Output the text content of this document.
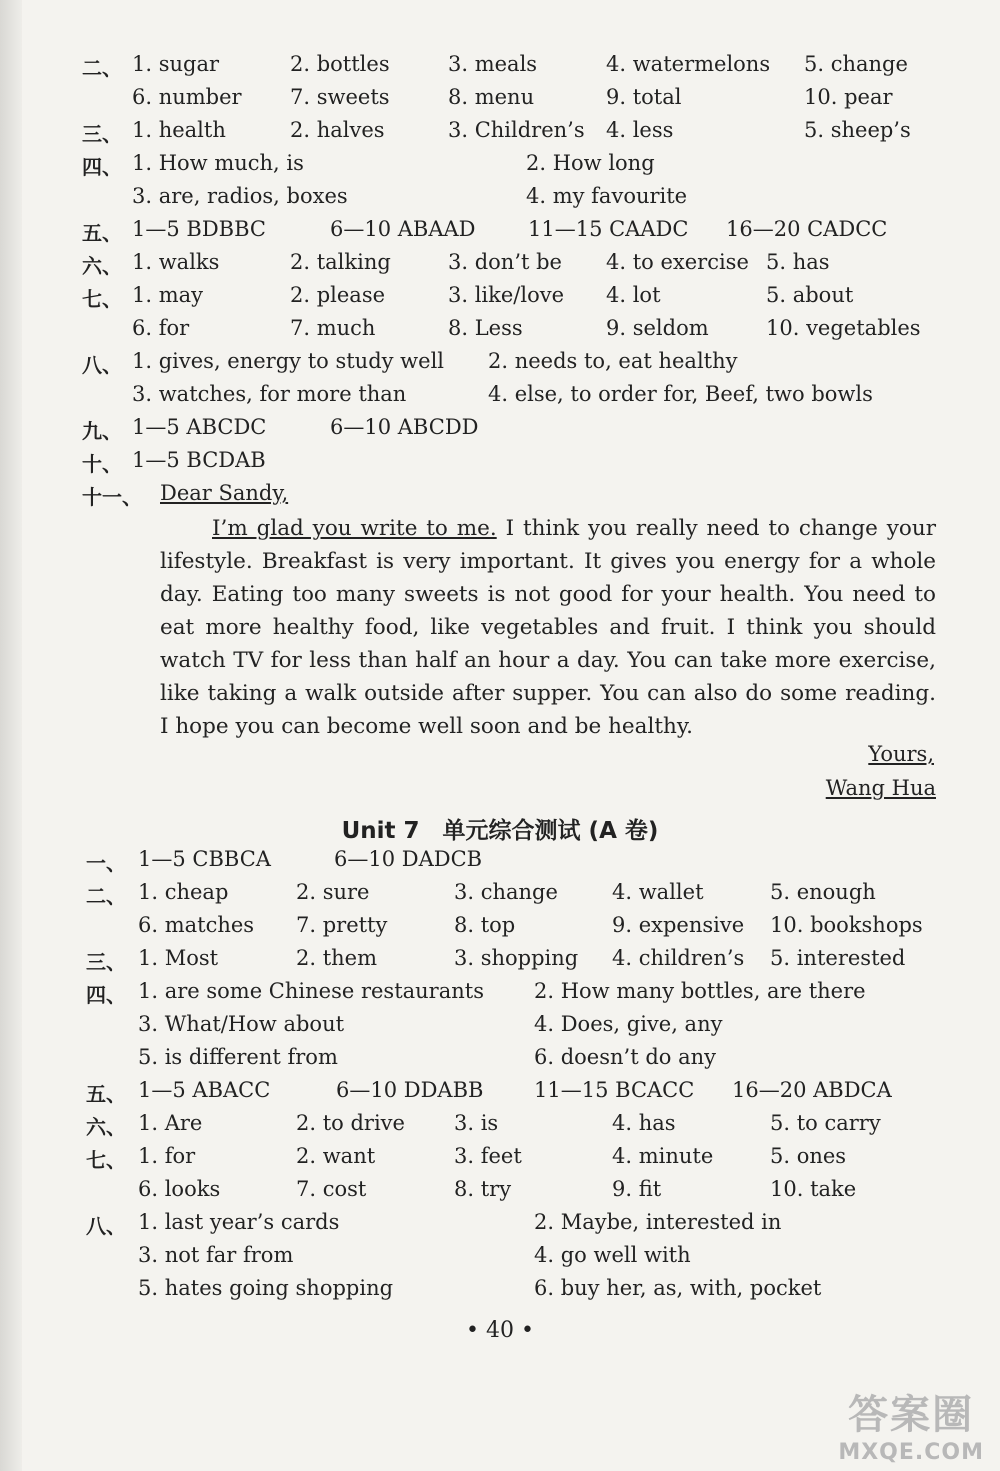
二、 1. sugar	2. bottles	3. meals	4. watermelons 5. change
6. number 7. sweets	8. menu	9. total	10. pear
三、 1. health	2. halves	3. Children’s 4. less	5. sheep’s
四、 1. How much, is	2. How long
3. are, radios, boxes	4. my favourite
五、 1—5 BDBBC	6—10 ABAAD 11—15 CAADC 16—20 CADCC
六、 1. walks	2. talking	3. don’t be 4. to exercise 5. has
七、 1. may	2. please	3. like/love 4. lot	5. about
6. for	7. much	8. Less	9. seldom	10. vegetables
八、 1. gives, energy to study well 2. needs to, eat healthy
3. watches, for more than	4. else, to order for, Beef, two bowls
九、 1—5 ABCDC	6—10 ABCDD
十、 1—5 BCDAB
十一、 Dear Sandy,

I’m glad you write to me. I think you really need to change your lifestyle. Breakfast is very important. It gives you energy for a whole day. Eating too many sweets is not good for your health. You need to eat more healthy food, like vegetables and fruit. I think you should watch TV for less than half an hour a day. You can take more exercise, like taking a walk outside after supper. You can also do some reading. I hope you can become well soon and be healthy.

Yours,
Wang Hua
Unit 7　单元综合测试 (A 卷)
一、 1—5 CBBCA	6—10 DADCB
二、 1. cheap	2. sure	3. change	4. wallet	5. enough
6. matches 7. pretty	8. top	9. expensive 10. bookshops
三、 1. Most	2. them	3. shopping 4. children’s 5. interested
四、 1. are some Chinese restaurants 2. How many bottles, are there
3. What/How about	4. Does, give, any
5. is different from	6. doesn’t do any
五、 1—5 ABACC	6—10 DDABB 11—15 BCACC 16—20 ABDCA
六、 1. Are	2. to drive 3. is	4. has	5. to carry
七、 1. for	2. want	3. feet	4. minute	5. ones
6. looks	7. cost	8. try	9. fit	10. take
八、 1. last year’s cards	2. Maybe, interested in
3. not far from	4. go well with
5. hates going shopping	6. buy her, as, with, pocket
• 40 •
答案圈
MXQE.COM
